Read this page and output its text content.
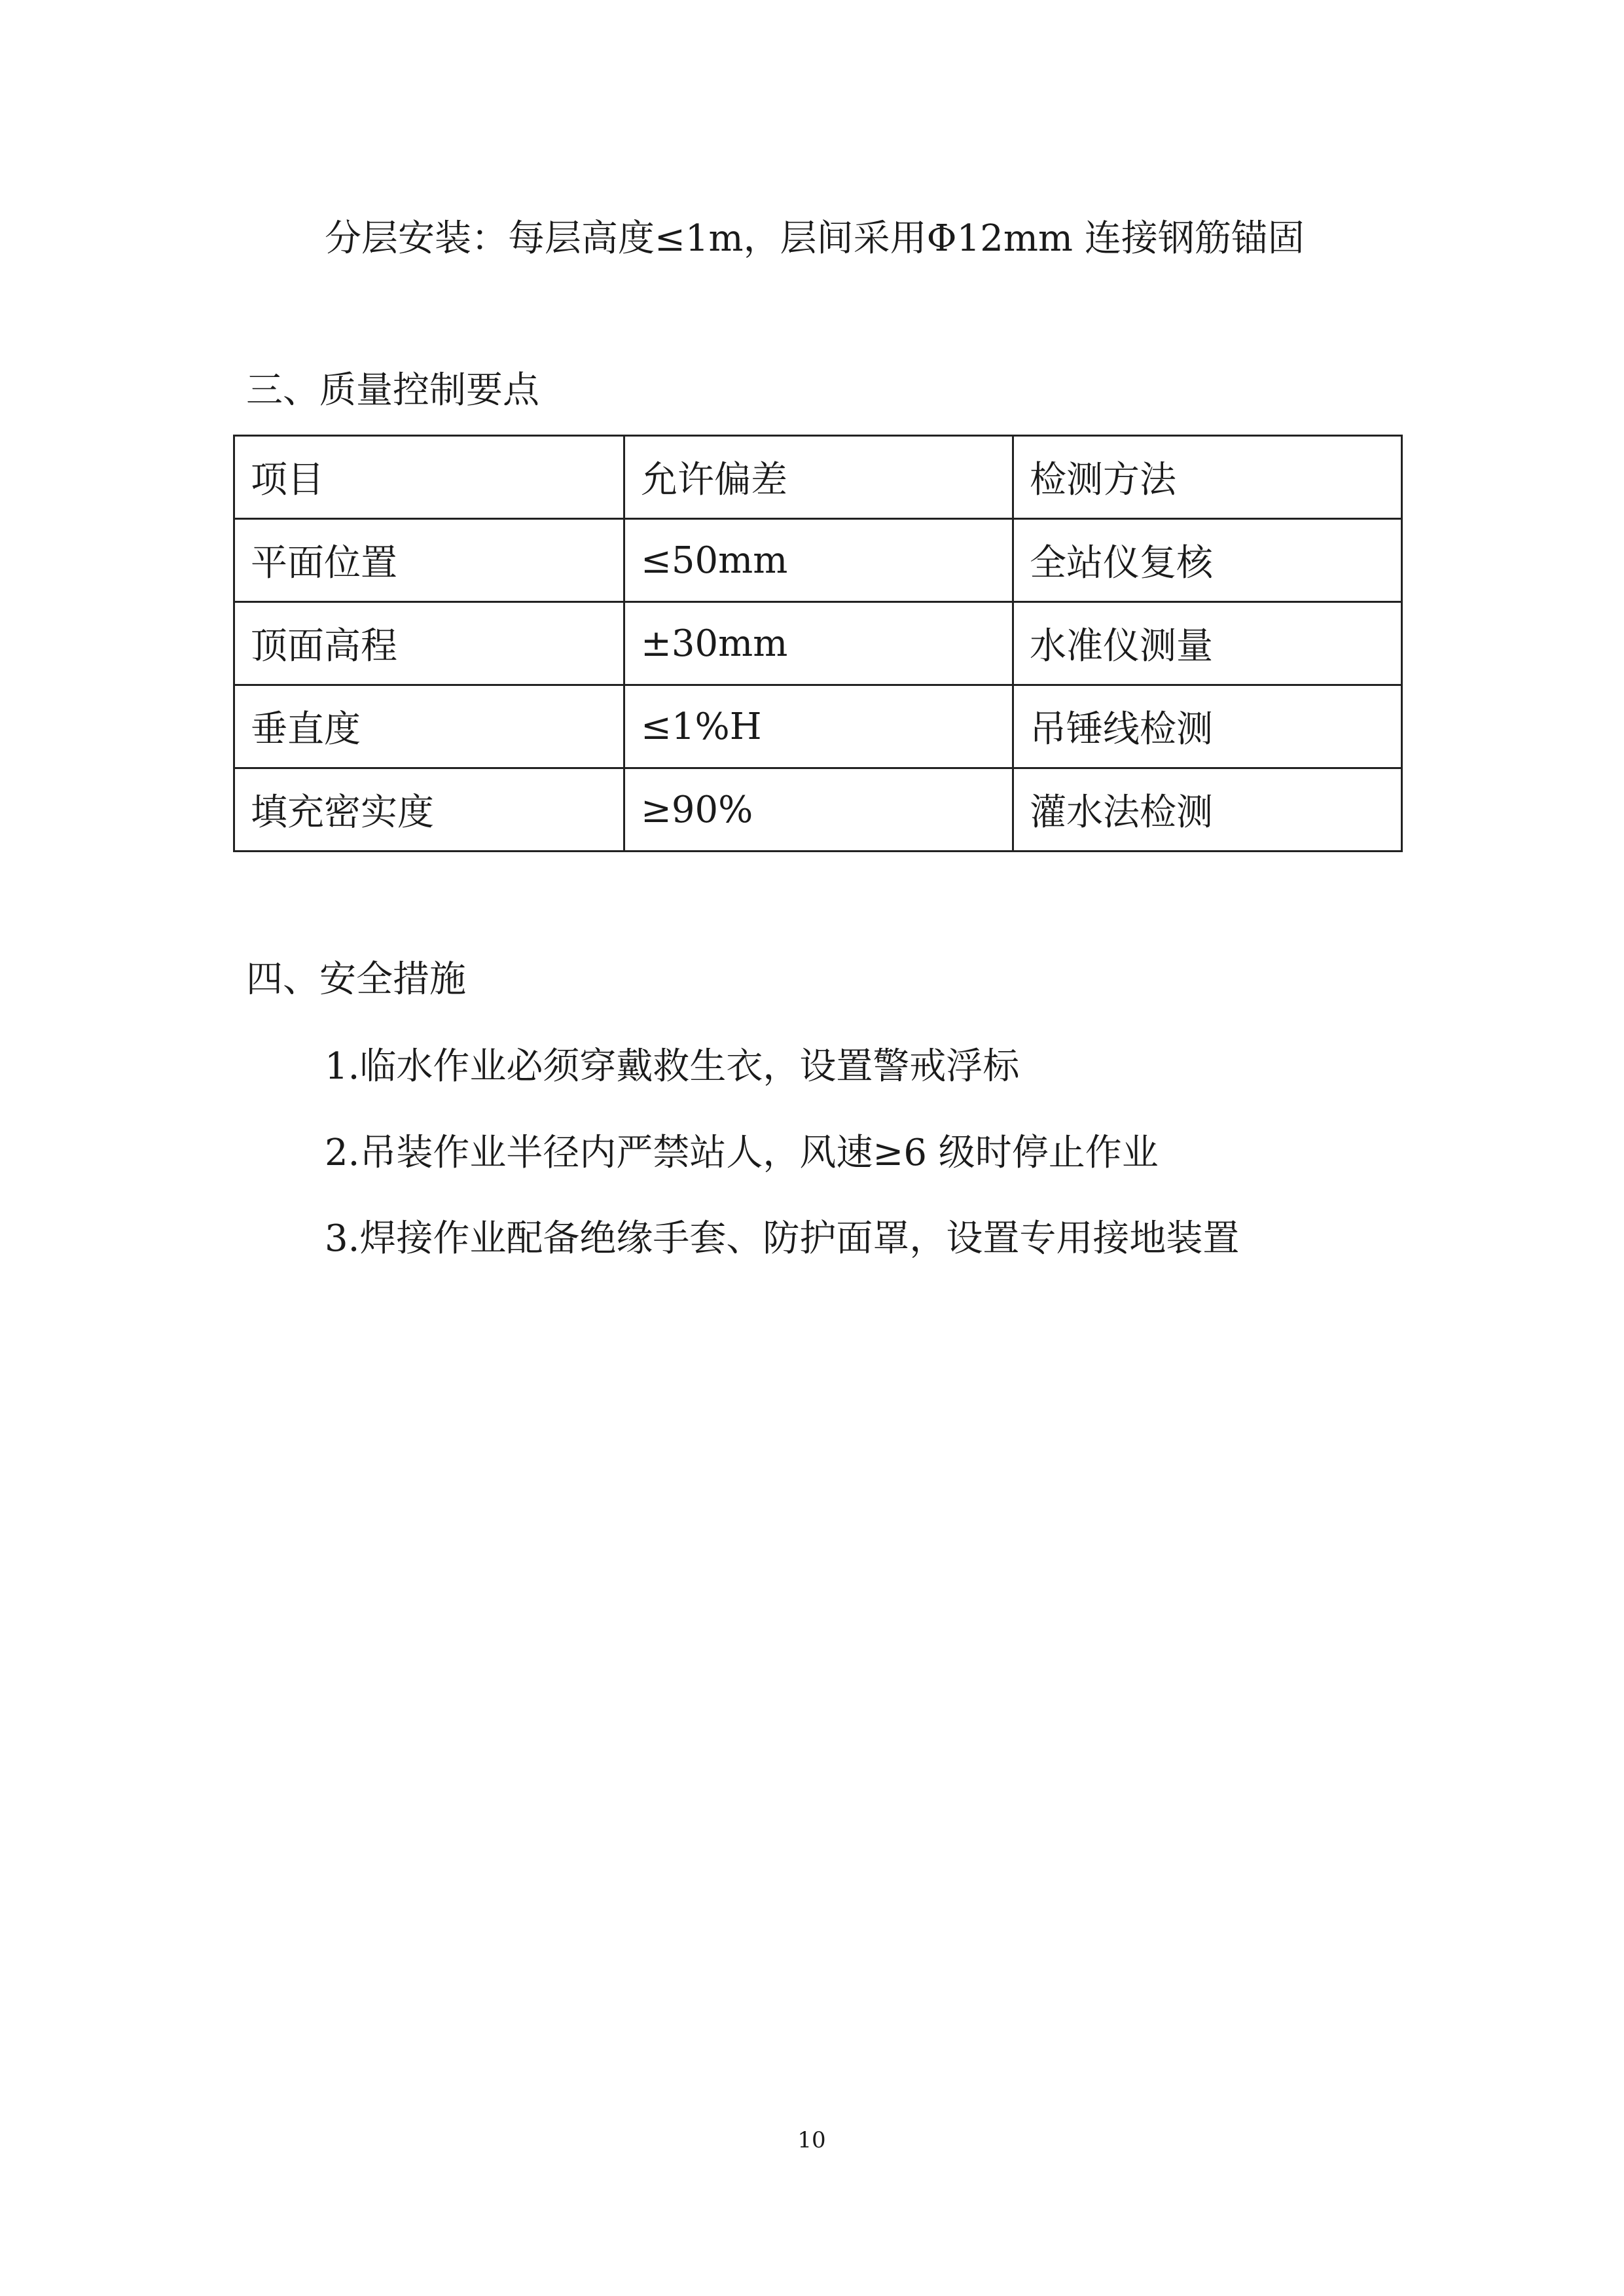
分层安装：每层高度≤1m，层间采用Φ12mm 连接钢筋锚固
三、质量控制要点
项目	允许偏差	检测方法
平面位置	≤50mm	全站仪复核
顶面高程	±30mm	水准仪测量
垂直度	≤1%H	吊锤线检测
填充密实度	≥90%	灌水法检测
四、安全措施
1.临水作业必须穿戴救生衣，设置警戒浮标
2.吊装作业半径内严禁站人，风速≥6 级时停止作业
3.焊接作业配备绝缘手套、防护面罩，设置专用接地装置
10
